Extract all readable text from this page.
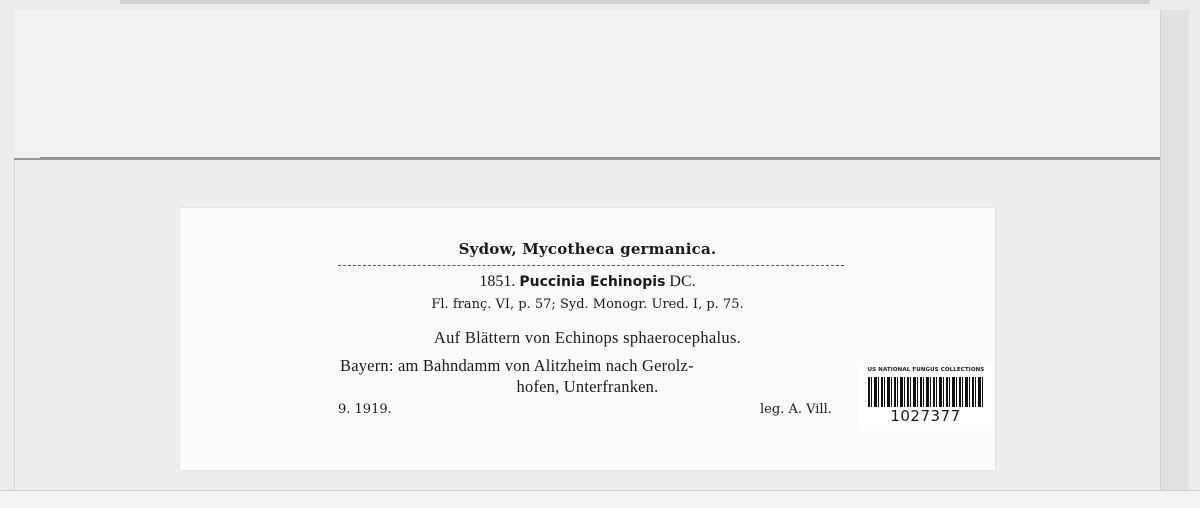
Sydow, Mycotheca germanica.
1851. Puccinia Echinopis DC.
Fl. franç. VI, p. 57; Syd. Monogr. Ured. I, p. 75.
Auf Blättern von Echinops sphaerocephalus.
Bayern: am Bahndamm von Alitzheim nach Gerolz-
hofen, Unterfranken.
9. 1919.	leg. A. Vill.
US NATIONAL FUNGUS COLLECTIONS
1027377
